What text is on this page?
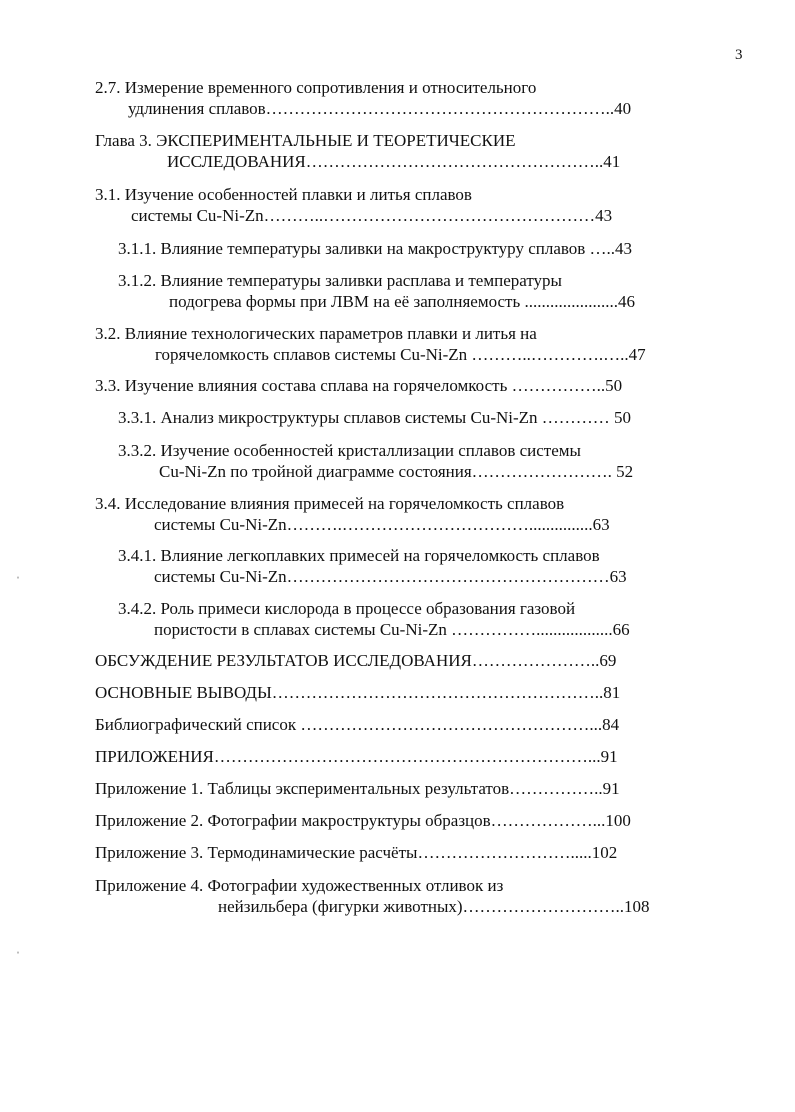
3
2.7. Измерение временного сопротивления и относительного
удлинения сплавов……………………………………………………..40
Глава 3. ЭКСПЕРИМЕНТАЛЬНЫЕ И ТЕОРЕТИЧЕСКИЕ
ИССЛЕДОВАНИЯ……………………………………………..41
3.1. Изучение особенностей плавки и литья сплавов
системы Cu-Ni-Zn………..…………………………………………43
3.1.1. Влияние температуры заливки на макроструктуру сплавов …..43
3.1.2. Влияние температуры заливки расплава и температуры
подогрева формы при ЛВМ на её заполняемость ......................46
3.2. Влияние технологических параметров плавки и литья на
горячеломкость сплавов системы Cu-Ni-Zn ………..………….…..47
3.3. Изучение влияния состава сплава на горячеломкость ……………..50
3.3.1. Анализ микроструктуры сплавов системы Cu-Ni-Zn ………… 50
3.3.2. Изучение особенностей кристаллизации сплавов системы
Cu-Ni-Zn по тройной диаграмме состояния……………………. 52
3.4. Исследование влияния примесей на горячеломкость сплавов
системы Cu-Ni-Zn……….……………………………...............63
3.4.1. Влияние легкоплавких примесей на горячеломкость сплавов
системы Cu-Ni-Zn…………………………………………………63
3.4.2. Роль примеси кислорода в процессе образования газовой
пористости в сплавах системы Cu-Ni-Zn ……………..................66
ОБСУЖДЕНИЕ РЕЗУЛЬТАТОВ ИССЛЕДОВАНИЯ…………………..69
ОСНОВНЫЕ ВЫВОДЫ…………………………………………………..81
Библиографический список ……………………………………………...84
ПРИЛОЖЕНИЯ…………………………………………………………...91
Приложение 1. Таблицы экспериментальных результатов……………..91
Приложение 2. Фотографии макроструктуры образцов………………...100
Приложение 3. Термодинамические расчёты……………………….....102
Приложение 4. Фотографии художественных отливок из
нейзильбера (фигурки животных)………………………..108
ˌ
ˌ
